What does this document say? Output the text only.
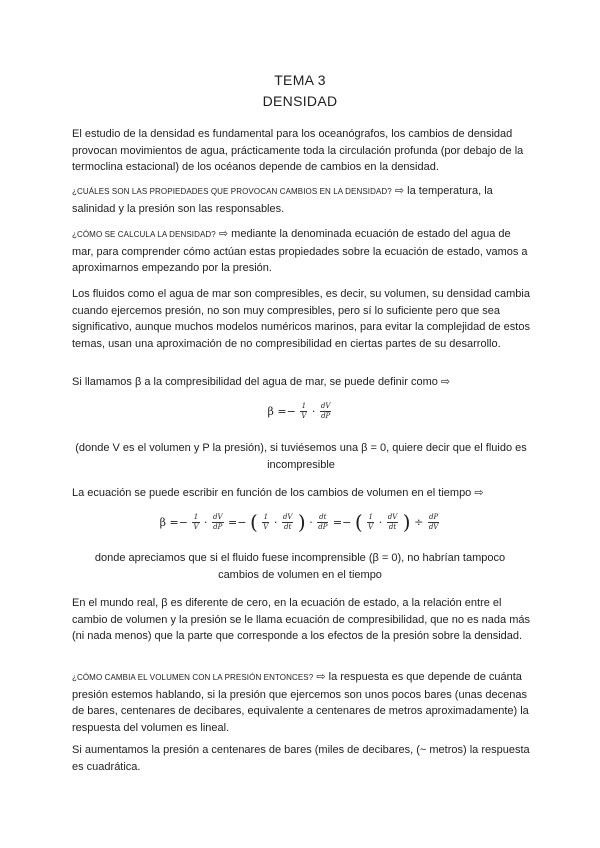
TEMA 3
DENSIDAD

El estudio de la densidad es fundamental para los oceanógrafos, los cambios de densidad provocan movimientos de agua, prácticamente toda la circulación profunda (por debajo de la termoclina estacional) de los océanos depende de cambios en la densidad.

¿CUÁLES SON LAS PROPIEDADES QUE PROVOCAN CAMBIOS EN LA DENSIDAD? ⇨ la temperatura, la salinidad y la presión son las responsables.

¿CÓMO SE CALCULA LA DENSIDAD? ⇨ mediante la denominada ecuación de estado del agua de mar, para comprender cómo actúan estas propiedades sobre la ecuación de estado, vamos a aproximarnos empezando por la presión.

Los fluidos como el agua de mar son compresibles, es decir, su volumen, su densidad cambia cuando ejercemos presión, no son muy compresibles, pero sí lo suficiente pero que sea significativo, aunque muchos modelos numéricos marinos, para evitar la complejidad de estos temas, usan una aproximación de no compresibilidad en ciertas partes de su desarrollo.

Si llamamos β a la compresibilidad del agua de mar, se puede definir como ⇨

$\beta =- \frac{1}{V} \cdot \frac{dV}{dP}$

(donde V es el volumen y P la presión), si tuviésemos una β = 0, quiere decir que el fluido es incompresible

La ecuación se puede escribir en función de los cambios de volumen en el tiempo ⇨

$\beta =- \frac{1}{V} \cdot \frac{dV}{dP}$ =− ( $\frac{1}{V} \cdot \frac{dV}{dt}$ ) · $\frac{dt}{dP}$ =− ( $\frac{1}{V} \cdot \frac{dV}{dt}$ ) ÷ $\frac{dP}{dV}$

donde apreciamos que si el fluido fuese incomprensible (β = 0), no habrían tampoco cambios de volumen en el tiempo

En el mundo real, β es diferente de cero, en la ecuación de estado, a la relación entre el cambio de volumen y la presión se le llama ecuación de compresibilidad, que no es nada más (ni nada menos) que la parte que corresponde a los efectos de la presión sobre la densidad.

¿CÓMO CAMBIA EL VOLUMEN CON LA PRESIÓN ENTONCES? ⇨ la respuesta es que depende de cuánta presión estemos hablando, si la presión que ejercemos son unos pocos bares (unas decenas de bares, centenares de decibares, equivalente a centenares de metros aproximadamente) la respuesta del volumen es lineal.

Si aumentamos la presión a centenares de bares (miles de decibares, (~ metros) la respuesta es cuadrática.
